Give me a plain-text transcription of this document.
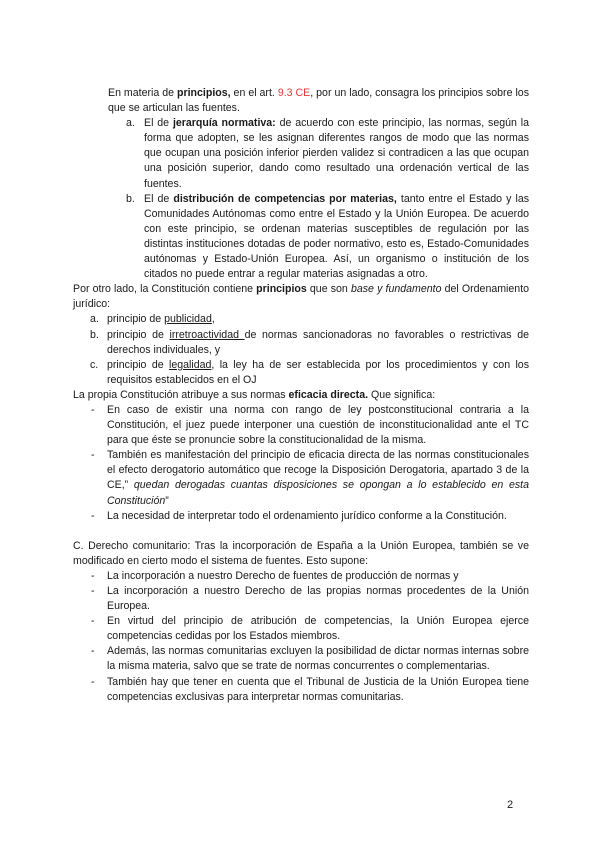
En materia de principios, en el art. 9.3 CE, por un lado, consagra los principios sobre los que se articulan las fuentes.

a. El de jerarquía normativa: de acuerdo con este principio, las normas, según la forma que adopten, se les asignan diferentes rangos de modo que las normas que ocupan una posición inferior pierden validez si contradicen a las que ocupan una posición superior, dando como resultado una ordenación vertical de las fuentes.
b. El de distribución de competencias por materias, tanto entre el Estado y las Comunidades Autónomas como entre el Estado y la Unión Europea. De acuerdo con este principio, se ordenan materias susceptibles de regulación por las distintas instituciones dotadas de poder normativo, esto es, Estado-Comunidades autónomas y Estado-Unión Europea. Así, un organismo o institución de los citados no puede entrar a regular materias asignadas a otro.

Por otro lado, la Constitución contiene principios que son base y fundamento del Ordenamiento jurídico:

a. principio de publicidad,
b. principio de irretroactividad de normas sancionadoras no favorables o restrictivas de derechos individuales, y
c. principio de legalidad, la ley ha de ser establecida por los procedimientos y con los requisitos establecidos en el OJ

La propia Constitución atribuye a sus normas eficacia directa. Que significa:

- En caso de existir una norma con rango de ley postconstitucional contraria a la Constitución, el juez puede interponer una cuestión de inconstitucionalidad ante el TC para que éste se pronuncie sobre la constitucionalidad de la misma.
- También es manifestación del principio de eficacia directa de las normas constitucionales el efecto derogatorio automático que recoge la Disposición Derogatoria, apartado 3 de la CE,” quedan derogadas cuantas disposiciones se opongan a lo establecido en esta Constitución”
- La necesidad de interpretar todo el ordenamiento jurídico conforme a la Constitución.

C. Derecho comunitario: Tras la incorporación de España a la Unión Europea, también se ve modificado en cierto modo el sistema de fuentes. Esto supone:

- La incorporación a nuestro Derecho de fuentes de producción de normas y
- La incorporación a nuestro Derecho de las propias normas procedentes de la Unión Europea.
- En virtud del principio de atribución de competencias, la Unión Europea ejerce competencias cedidas por los Estados miembros.
- Además, las normas comunitarias excluyen la posibilidad de dictar normas internas sobre la misma materia, salvo que se trate de normas concurrentes o complementarias.
- También hay que tener en cuenta que el Tribunal de Justicia de la Unión Europea tiene competencias exclusivas para interpretar normas comunitarias.
2
